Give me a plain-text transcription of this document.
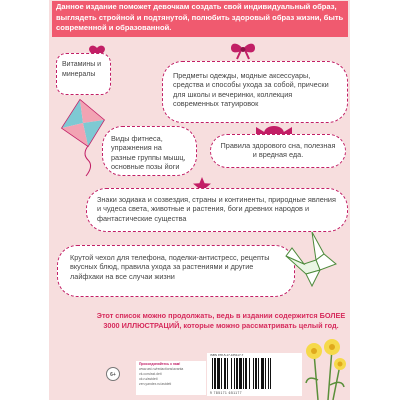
Данное издание поможет девочкам создать свой индивидуальный образ, выглядеть стройной и подтянутой, полюбить здоровый образ жизни, быть современной и образованной.
Витамины и минералы	Предметы одежды, модные аксессуары, средства и способы ухода за собой, прически для школы и вечеринки, коллекция современных татуировок
Виды фитнеса, упражнения на разные группы мышц, основные позы йоги
Правила здорового сна, полезная и вредная еда.
Знаки зодиака и созвездия, страны и континенты, природные явления и чудеса света, животные и растения, боги древних народов и фантастические существа
Крутой чехол для телефона, поделки-антистресс, рецепты вкусных блюд, правила ухода за растениями и другие лайфхаки на все случаи жизни
Этот список можно продолжать, ведь в издании содержится БОЛЕЕ 3000 ИЛЛЮСТРАЦИЙ, которые можно рассматривать целый год.
6+
Присоединяйтесь к нам!
www.ast.ru/redactions/avanta
vk.com/ast.deti
ok.ru/astdeti
zen.yandex.ru/astdeti
ISBN 978-5-17-165117-7
9 785171 651177
